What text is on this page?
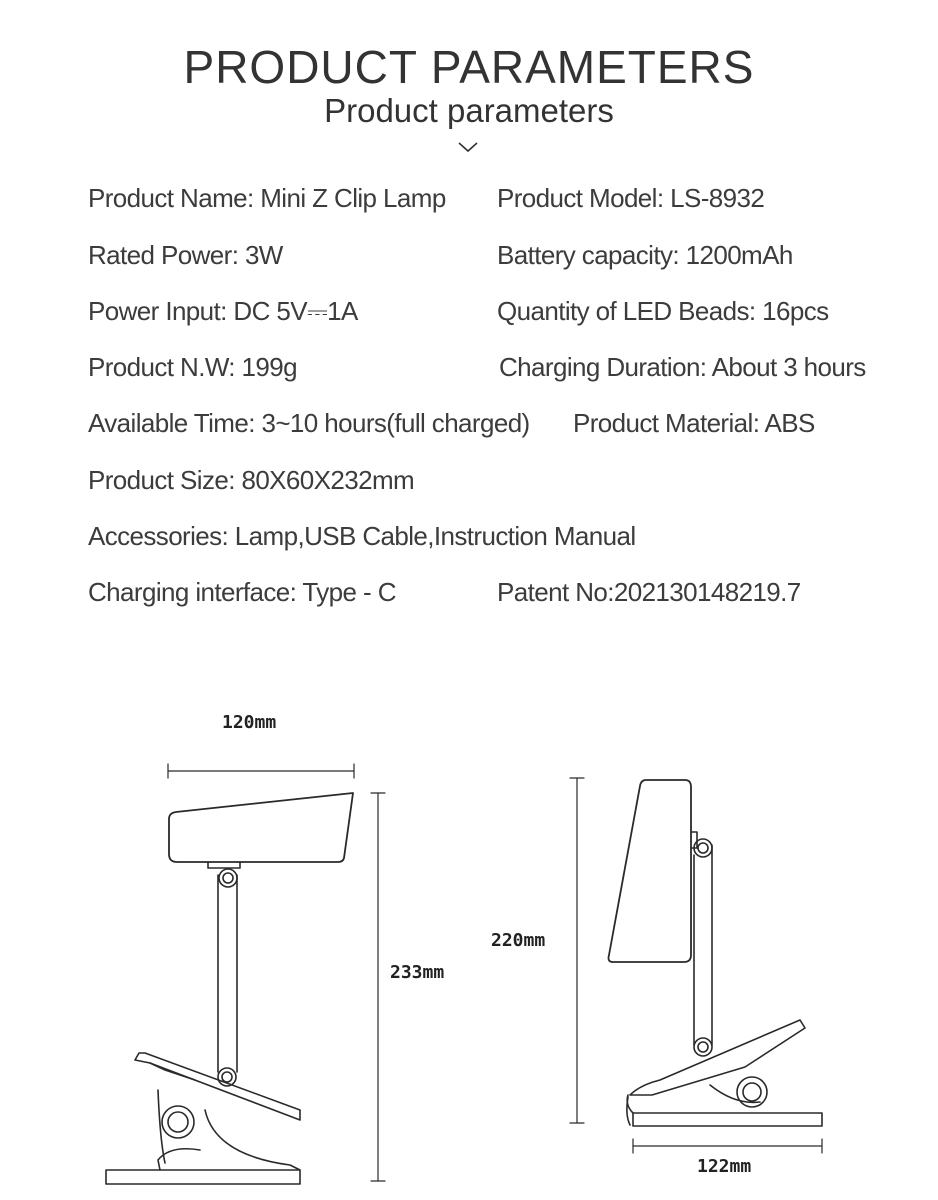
PRODUCT PARAMETERS
Product parameters
Product Name: Mini Z Clip Lamp Product Model: LS-8932
Rated Power: 3W	Battery capacity: 1200mAh
Power Input: DC 5V⎓1A	Quantity of LED Beads: 16pcs
Product N.W: 199g	Charging Duration: About 3 hours
Available Time: 3~10 hours(full charged) Product Material: ABS
Product Size: 80X60X232mm
Accessories: Lamp,USB Cable,Instruction Manual
Charging interface: Type - C	Patent No:202130148219.7
120mm
233mm
220mm
122mm
